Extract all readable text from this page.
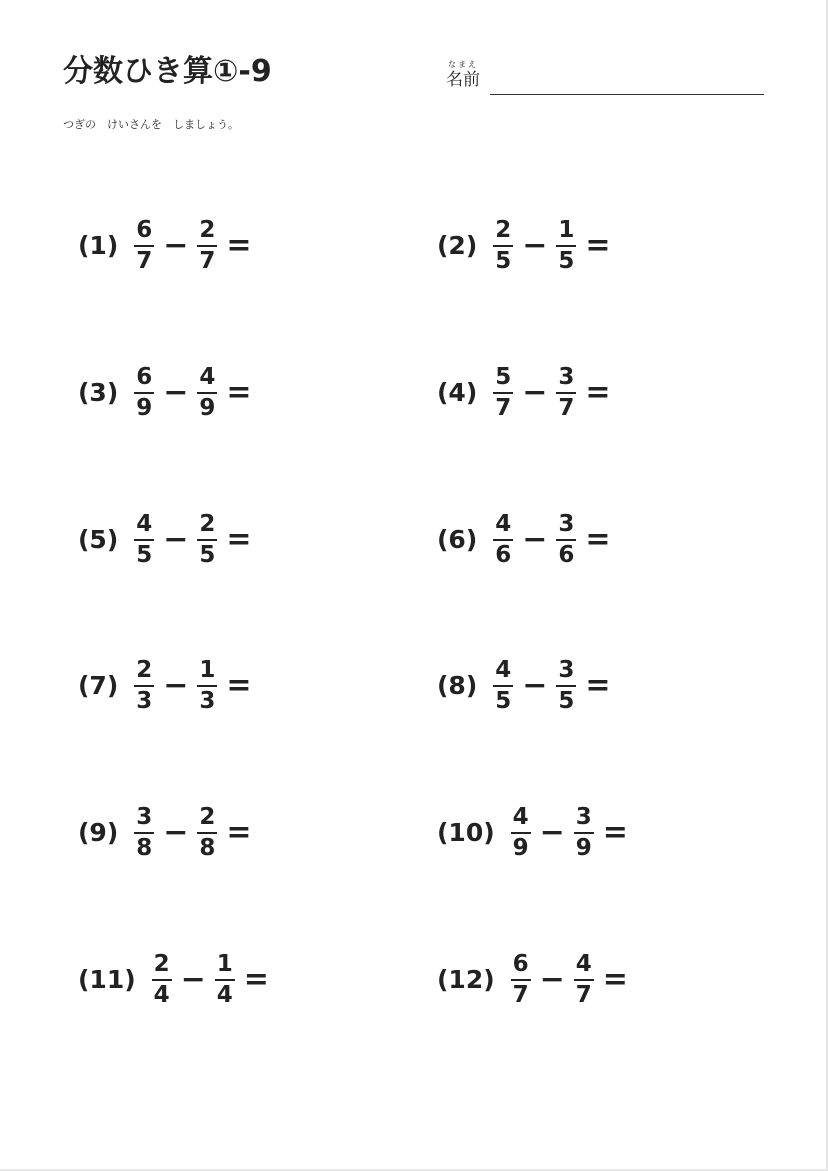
分数ひき算①-9	なまえ
名前
つぎの　けいさんを　しましょう。
$(1) \frac{6}{7} - \frac{2}{7}$ =	$(2) \frac{2}{5} - \frac{1}{5}$ =
$(3) \frac{6}{9} - \frac{4}{9}$ =	$(4) \frac{5}{7} - \frac{3}{7}$ =
$(5) \frac{4}{5} - \frac{2}{5}$ =	$(6) \frac{4}{6} - \frac{3}{6}$ =
$(7) \frac{2}{3} - \frac{1}{3}$ =	$(8) \frac{4}{5} - \frac{3}{5}$ =
$(9) \frac{3}{8} - \frac{2}{8}$ =	$(10) \frac{4}{9} - \frac{3}{9}$ =
$(11) \frac{2}{4} - \frac{1}{4}$ =	$(12) \frac{6}{7} - \frac{4}{7}$ =
